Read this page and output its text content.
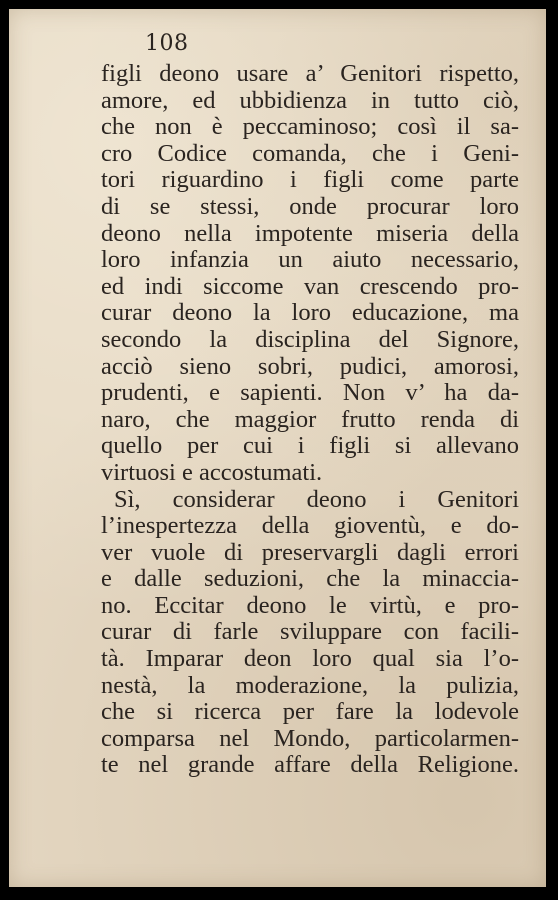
108
figli deono usare a’ Genitori rispetto,
amore, ed ubbidienza in tutto ciò,
che non è peccaminoso; così il sa-
cro Codice comanda, che i Geni-
tori riguardino i figli come parte
di se stessi, onde procurar loro
deono nella impotente miseria della
loro infanzia un aiuto necessario,
ed indi siccome van crescendo pro-
curar deono la loro educazione, ma
secondo la disciplina del Signore,
acciò sieno sobri, pudici, amorosi,
prudenti, e sapienti. Non v’ ha da-
naro, che maggior frutto renda di
quello per cui i figli si allevano
virtuosi e accostumati.
Sì, considerar deono i Genitori
l’inespertezza della gioventù, e do-
ver vuole di preservargli dagli errori
e dalle seduzioni, che la minaccia-
no. Eccitar deono le virtù, e pro-
curar di farle sviluppare con facili-
tà. Imparar deon loro qual sia l’o-
nestà, la moderazione, la pulizia,
che si ricerca per fare la lodevole
comparsa nel Mondo, particolarmen-
te nel grande affare della Religione.
